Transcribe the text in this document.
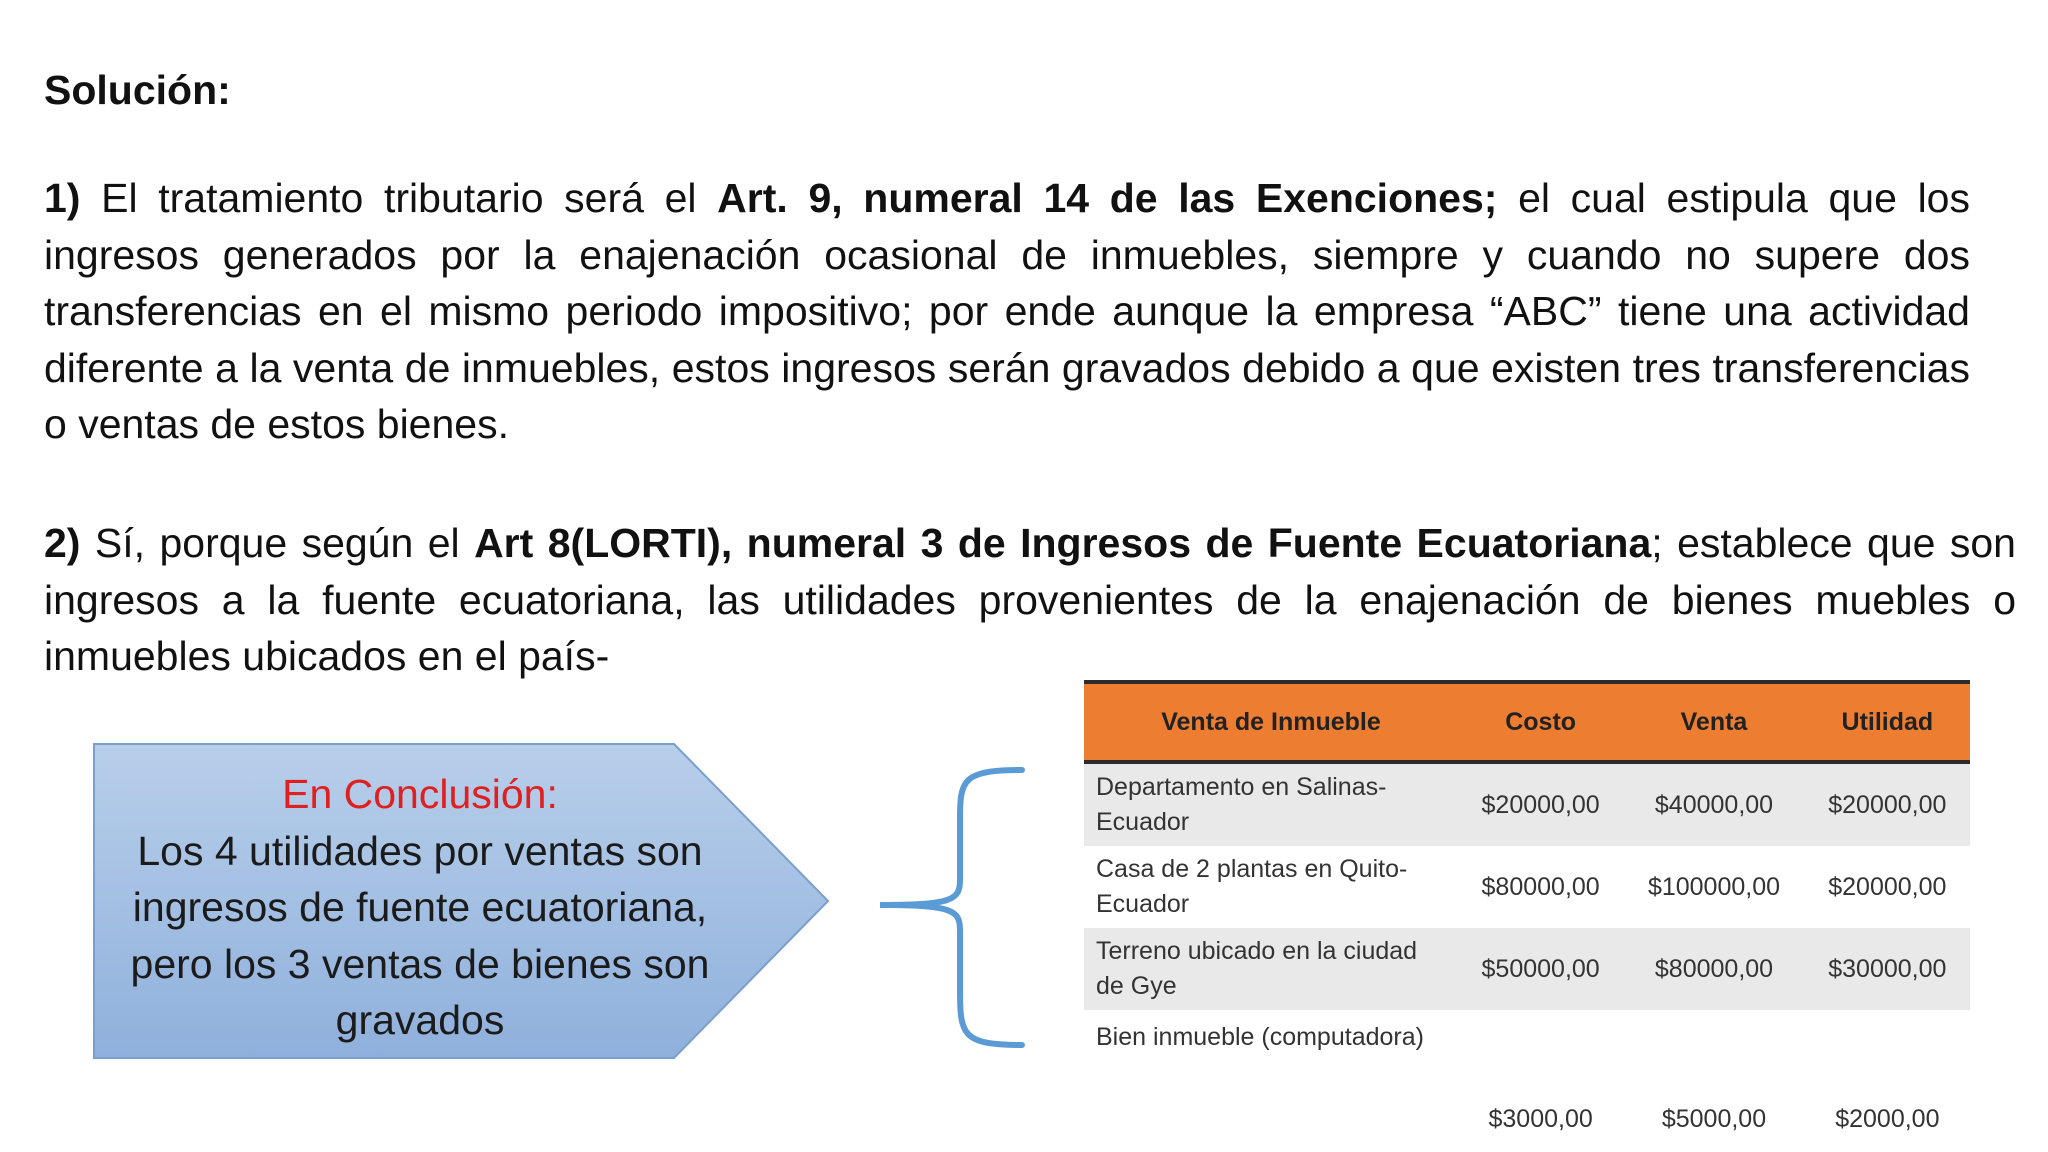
Solución:

1) El tratamiento tributario será el Art. 9, numeral 14 de las Exenciones; el cual estipula que los ingresos generados por la enajenación ocasional de inmuebles, siempre y cuando no supere dos transferencias en el mismo periodo impositivo; por ende aunque la empresa “ABC” tiene una actividad diferente a la venta de inmuebles, estos ingresos serán gravados debido a que existen tres transferencias o ventas de estos bienes.

2) Sí, porque según el Art 8(LORTI), numeral 3 de Ingresos de Fuente Ecuatoriana; establece que son ingresos a la fuente ecuatoriana, las utilidades provenientes de la enajenación de bienes muebles o inmuebles ubicados en el país-

En Conclusión:
Los 4 utilidades por ventas son ingresos de fuente ecuatoriana, pero los 3 ventas de bienes son gravados
Venta de Inmueble	Costo	Venta	Utilidad
Departamento en Salinas-Ecuador	$20000,00	$40000,00	$20000,00
Casa de 2 plantas en Quito-Ecuador	$80000,00	$100000,00	$20000,00
Terreno ubicado en la ciudad de Gye	$50000,00	$80000,00	$30000,00
Bien inmueble (computadora)	$3000,00	$5000,00	$2000,00
